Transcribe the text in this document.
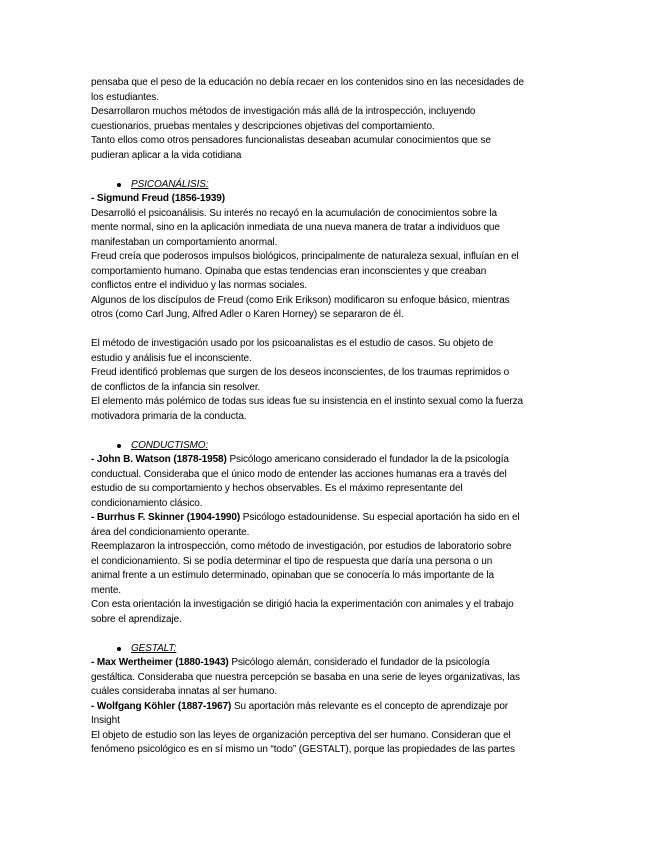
pensaba que el peso de la educación no debía recaer en los contenidos sino en las necesidades de
los estudiantes.
Desarrollaron muchos métodos de investigación más allá de la introspección, incluyendo
cuestionarios, pruebas mentales y descripciones objetivas del comportamiento.
Tanto ellos como otros pensadores funcionalistas deseaban acumular conocimientos que se
pudieran aplicar a la vida cotidiana
PSICOANÁLISIS:
- Sigmund Freud (1856-1939)
Desarrolló el psicoanálisis. Su interés no recayó en la acumulación de conocimientos sobre la
mente normal, sino en la aplicación inmediata de una nueva manera de tratar a individuos que
manifestaban un comportamiento anormal.
Freud creía que poderosos impulsos biológicos, principalmente de naturaleza sexual, influían en el
comportamiento humano. Opinaba que estas tendencias eran inconscientes y que creaban
conflictos entre el individuo y las normas sociales.
Algunos de los discípulos de Freud (como Erik Erikson) modificaron su enfoque básico, mientras
otros (como Carl Jung, Alfred Adler o Karen Horney) se separaron de él.
El método de investigación usado por los psicoanalistas es el estudio de casos. Su objeto de
estudio y análisis fue el inconsciente.
Freud identificó problemas que surgen de los deseos inconscientes, de los traumas reprimidos o
de conflictos de la infancia sin resolver.
El elemento más polémico de todas sus ideas fue su insistencia en el instinto sexual como la fuerza
motivadora primaria de la conducta.
CONDUCTISMO:
- John B. Watson (1878-1958) Psicólogo americano considerado el fundador la de la psicología
conductual. Consideraba que el único modo de entender las acciones humanas era a través del
estudio de su comportamiento y hechos observables. Es el máximo representante del
condicionamiento clásico.
- Burrhus F. Skinner (1904-1990) Psicólogo estadounidense. Su especial aportación ha sido en el
área del condicionamiento operante.
Reemplazaron la introspección, como método de investigación, por estudios de laboratorio sobre
el condicionamiento. Si se podía determinar el tipo de respuesta que daría una persona o un
animal frente a un estímulo determinado, opinaban que se conocería lo más importante de la
mente.
Con esta orientación la investigación se dirigió hacia la experimentación con animales y el trabajo
sobre el aprendizaje.
GESTALT:
- Max Wertheimer (1880-1943) Psicólogo alemán, considerado el fundador de la psicología
gestáltica. Consideraba que nuestra percepción se basaba en una serie de leyes organizativas, las
cuáles consideraba innatas al ser humano.
- Wolfgang Köhler (1887-1967) Su aportación más relevante es el concepto de aprendizaje por
Insight
El objeto de estudio son las leyes de organización perceptiva del ser humano. Consideran que el
fenómeno psicológico es en sí mismo un “todo” (GESTALT), porque las propiedades de las partes
